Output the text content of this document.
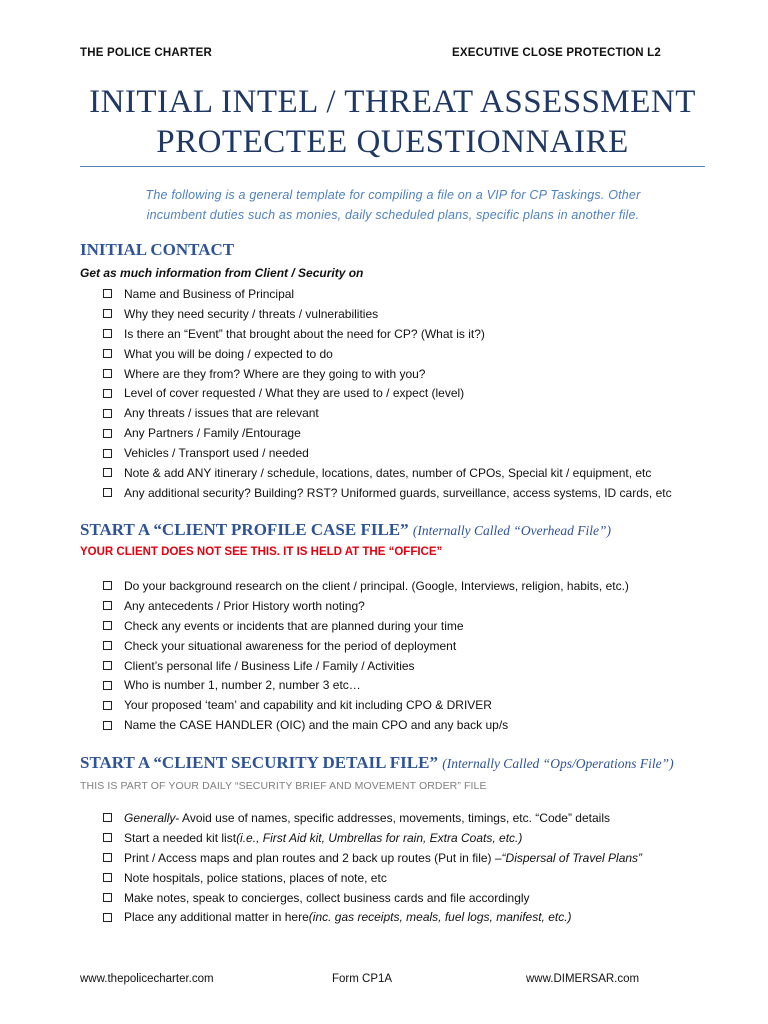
THE POLICE CHARTER	EXECUTIVE CLOSE PROTECTION L2
INITIAL INTEL / THREAT ASSESSMENT
PROTECTEE QUESTIONNAIRE
The following is a general template for compiling a file on a VIP for CP Taskings. Other
incumbent duties such as monies, daily scheduled plans, specific plans in another file.
INITIAL CONTACT
Get as much information from Client / Security on
Name and Business of Principal
Why they need security / threats / vulnerabilities
Is there an “Event” that brought about the need for CP? (What is it?)
What you will be doing / expected to do
Where are they from? Where are they going to with you?
Level of cover requested / What they are used to / expect (level)
Any threats / issues that are relevant
Any Partners / Family /Entourage
Vehicles / Transport used / needed
Note & add ANY itinerary / schedule, locations, dates, number of CPOs, Special kit / equipment, etc
Any additional security? Building? RST? Uniformed guards, surveillance, access systems, ID cards, etc
START A “CLIENT PROFILE CASE FILE” (Internally Called “Overhead File”)
YOUR CLIENT DOES NOT SEE THIS. IT IS HELD AT THE “OFFICE”
Do your background research on the client / principal. (Google, Interviews, religion, habits, etc.)
Any antecedents / Prior History worth noting?
Check any events or incidents that are planned during your time
Check your situational awareness for the period of deployment
Client’s personal life / Business Life / Family / Activities
Who is number 1, number 2, number 3 etc…
Your proposed ‘team’ and capability and kit including CPO & DRIVER
Name the CASE HANDLER (OIC) and the main CPO and any back up/s
START A “CLIENT SECURITY DETAIL FILE” (Internally Called “Ops/Operations File”)
THIS IS PART OF YOUR DAILY “SECURITY BRIEF AND MOVEMENT ORDER” FILE
Generally - Avoid use of names, specific addresses, movements, timings, etc. “Code” details
Start a needed kit list (i.e., First Aid kit, Umbrellas for rain, Extra Coats, etc.)
Print / Access maps and plan routes and 2 back up routes (Put in file) – “Dispersal of Travel Plans”
Note hospitals, police stations, places of note, etc
Make notes, speak to concierges, collect business cards and file accordingly
Place any additional matter in here (inc. gas receipts, meals, fuel logs, manifest, etc.)
www.thepolicecharter.com	Form CP1A	www.DIMERSAR.com
